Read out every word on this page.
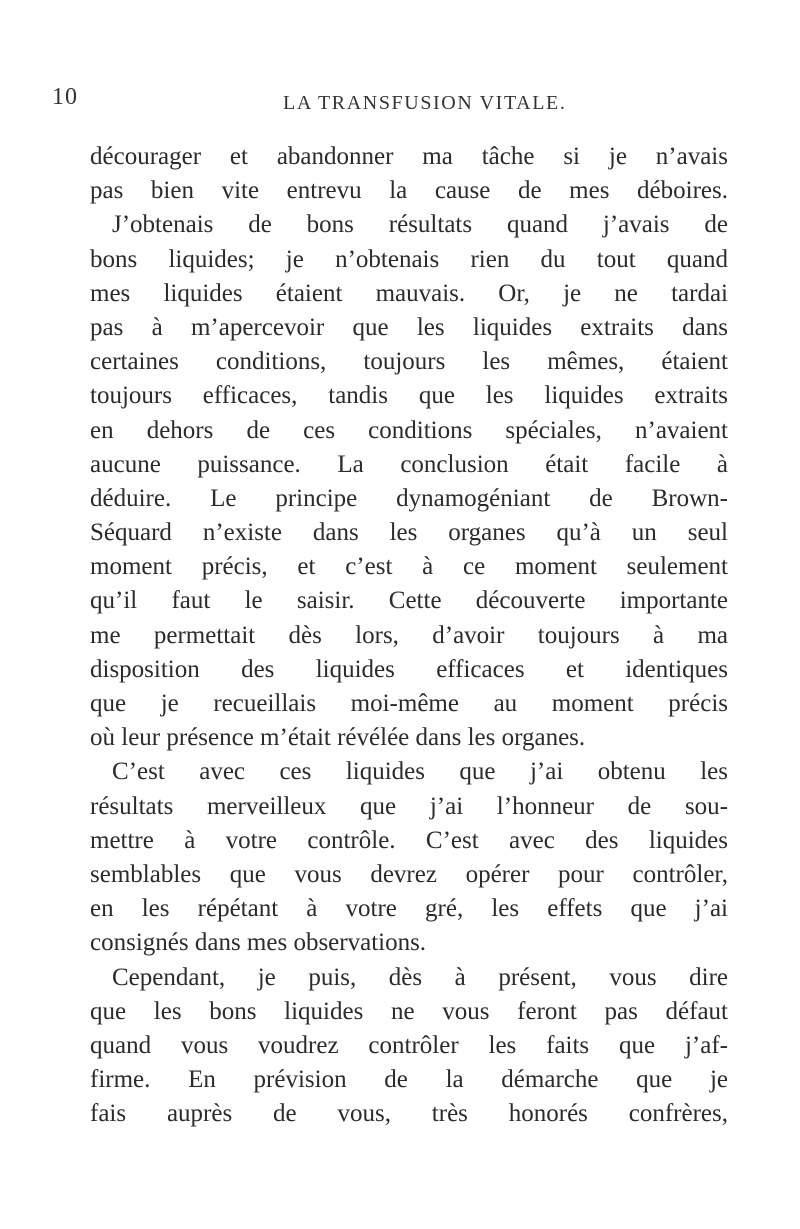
10	LA TRANSFUSION VITALE.
décourager et abandonner ma tâche si je n’avais
pas bien vite entrevu la cause de mes déboires.
J’obtenais de bons résultats quand j’avais de
bons liquides; je n’obtenais rien du tout quand
mes liquides étaient mauvais. Or, je ne tardai
pas à m’apercevoir que les liquides extraits dans
certaines conditions, toujours les mêmes, étaient
toujours efficaces, tandis que les liquides extraits
en dehors de ces conditions spéciales, n’avaient
aucune puissance. La conclusion était facile à
déduire. Le principe dynamogéniant de Brown-
Séquard n’existe dans les organes qu’à un seul
moment précis, et c’est à ce moment seulement
qu’il faut le saisir. Cette découverte importante
me permettait dès lors, d’avoir toujours à ma
disposition des liquides efficaces et identiques
que je recueillais moi-même au moment précis
où leur présence m’était révélée dans les organes.
C’est avec ces liquides que j’ai obtenu les
résultats merveilleux que j’ai l’honneur de sou-
mettre à votre contrôle. C’est avec des liquides
semblables que vous devrez opérer pour contrôler,
en les répétant à votre gré, les effets que j’ai
consignés dans mes observations.
Cependant, je puis, dès à présent, vous dire
que les bons liquides ne vous feront pas défaut
quand vous voudrez contrôler les faits que j’af-
firme. En prévision de la démarche que je
fais auprès de vous, très honorés confrères,
